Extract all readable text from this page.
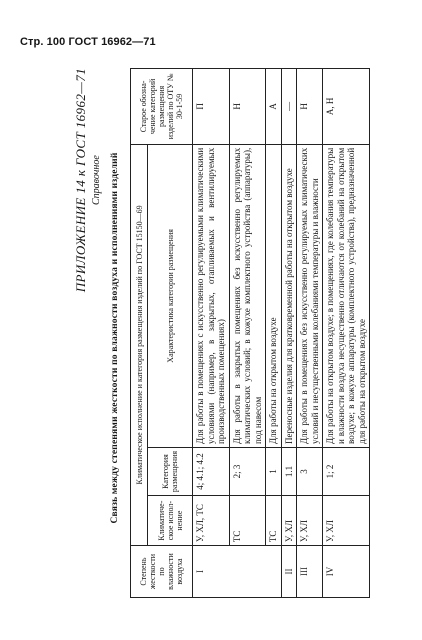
Стр. 100 ГОСТ 16962—71
ПРИЛОЖЕНИЕ 14 к ГОСТ 16962—71 Справочное Связь между степенями жесткости по влажности воздуха и исполнениями изделий
Степень жесткости по влажности воздуха	Климатическое исполнение и категория размещения изделий по ГОСТ 15150—69			Старое обозна-чение категорий размещения изделий по ОТУ № 30-1-59
	Климатиче-ское испол-нение	Категория размещения	Характеристика категории размещения	
I	У, ХЛ, ТС	4; 4.1; 4.2	Для работы в помещениях с искусственно регулируемыми климатическими условиями (например, в закрытых, отапливаемых и вентилируемых производственных помещениях)	П
	ТС	2; 3	Для работы в закрытых помещениях без искусственно регулируемых климатических условий; в кожухе комплектного устройства (аппаратуры), под навесом	Н
	ТС	1	Для работы на открытом воздухе	А
II	У, ХЛ	1.1	Переносные изделия для кратковременной работы на открытом воздухе	—
III	У, ХЛ	3	Для работы в помещениях без искусственно регулируемых климатических условий и несущественными колебаниями температуры и влажности	Н
IV	У, ХЛ	1; 2	Для работы на открытом воздухе; в помещениях, где колебания температуры и влажности воздуха несущественно отличаются от колебаний на открытом воздухе; в кожухе аппаратуры (комплектного устройства), предназначенной для работы на открытом воздухе	А, Н
